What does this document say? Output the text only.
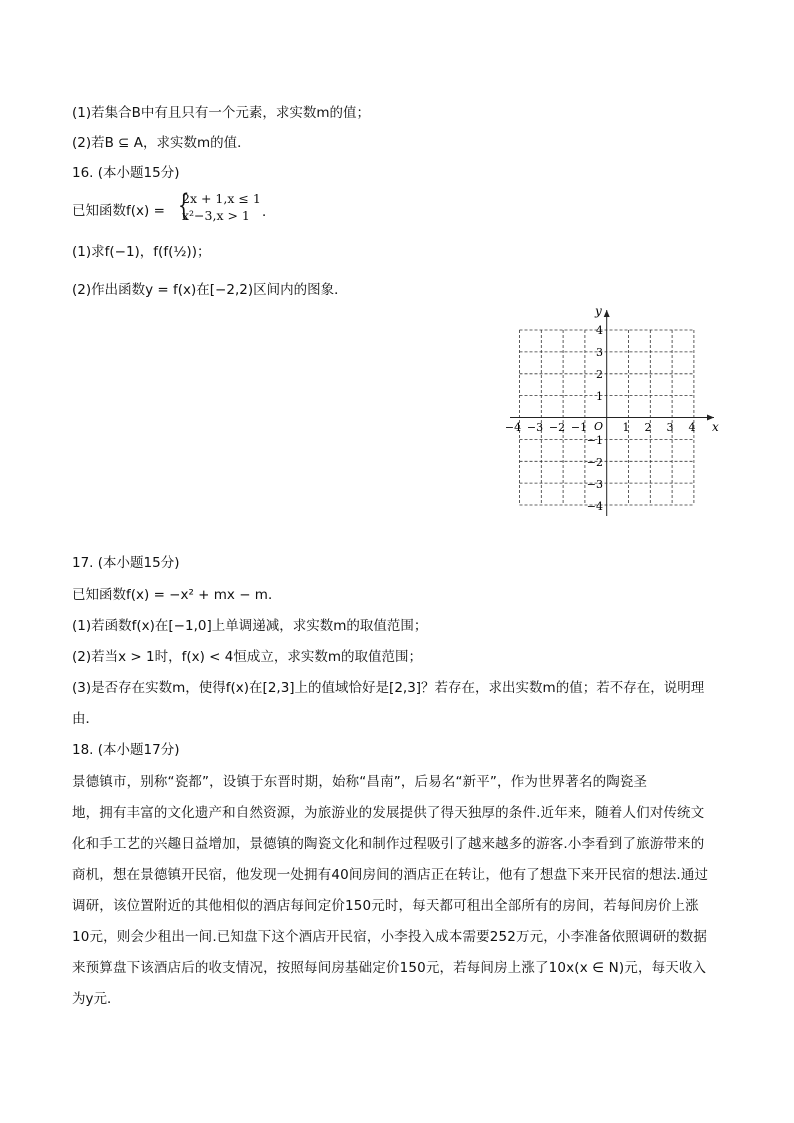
(1)若集合B中有且只有一个元素，求实数m的值；
(2)若B ⊆ A，求实数m的值．
16. (本小题15分)
已知函数f(x) = {
2x + 1,x ≤ 1
x²−3,x > 1 ．
(1)求f(−1)，f(f(½))；
(2)作出函数y = f(x)在[−2,2)区间内的图象．
x
y
O
−4 −3 −2 −1	1 2 3 4
4
3
2
1
−1
−2
−3
−4
17. (本小题15分)
已知函数f(x) = −x² + mx − m．
(1)若函数f(x)在[−1,0]上单调递减，求实数m的取值范围；
(2)若当x > 1时，f(x) < 4恒成立，求实数m的取值范围；
(3)是否存在实数m，使得f(x)在[2,3]上的值域恰好是[2,3]？若存在，求出实数m的值；若不存在，说明理
由．
18. (本小题17分)
景德镇市，别称“瓷都”，设镇于东晋时期，始称“昌南”，后易名“新平”，作为世界著名的陶瓷圣
地，拥有丰富的文化遗产和自然资源，为旅游业的发展提供了得天独厚的条件.近年来，随着人们对传统文
化和手工艺的兴趣日益增加，景德镇的陶瓷文化和制作过程吸引了越来越多的游客.小李看到了旅游带来的
商机，想在景德镇开民宿，他发现一处拥有40间房间的酒店正在转让，他有了想盘下来开民宿的想法.通过
调研，该位置附近的其他相似的酒店每间定价150元时，每天都可租出全部所有的房间，若每间房价上涨
10元，则会少租出一间.已知盘下这个酒店开民宿，小李投入成本需要252万元，小李准备依照调研的数据
来预算盘下该酒店后的收支情况，按照每间房基础定价150元，若每间房上涨了10x(x ∈ N)元，每天收入
为y元．
